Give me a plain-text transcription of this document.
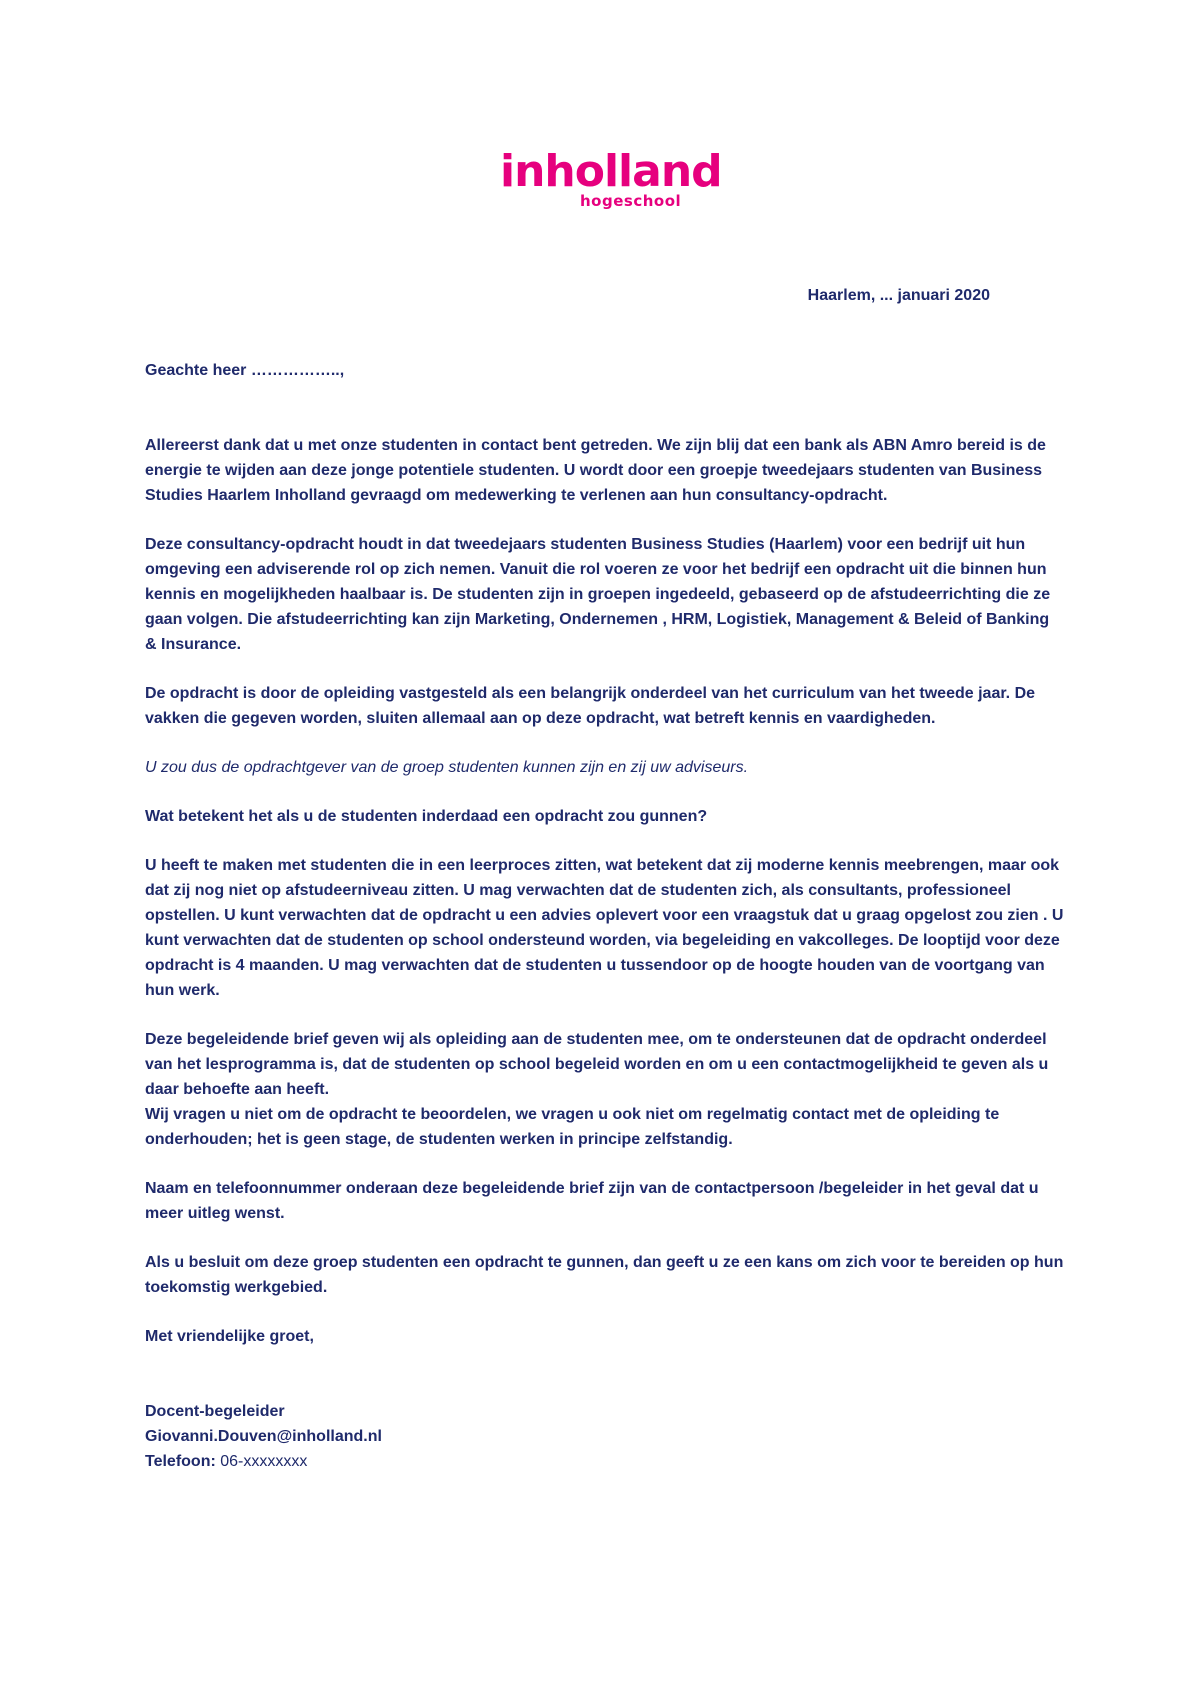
inholland
hogeschool
Haarlem, ... januari 2020

Geachte heer ……………..,

Allereerst dank dat u met onze studenten in contact bent getreden. We zijn blij dat een bank als ABN Amro bereid is de energie te wijden aan deze jonge potentiele studenten. U wordt door een groepje tweedejaars studenten van Business Studies Haarlem Inholland gevraagd om medewerking te verlenen aan hun consultancy-opdracht.

Deze consultancy-opdracht houdt in dat tweedejaars studenten Business Studies (Haarlem) voor een bedrijf uit hun omgeving een adviserende rol op zich nemen. Vanuit die rol voeren ze voor het bedrijf een opdracht uit die binnen hun kennis en mogelijkheden haalbaar is. De studenten zijn in groepen ingedeeld, gebaseerd op de afstudeerrichting die ze gaan volgen. Die afstudeerrichting kan zijn Marketing, Ondernemen , HRM, Logistiek, Management & Beleid of Banking & Insurance.

De opdracht is door de opleiding vastgesteld als een belangrijk onderdeel van het curriculum van het tweede jaar. De vakken die gegeven worden, sluiten allemaal aan op deze opdracht, wat betreft kennis en vaardigheden.

U zou dus de opdrachtgever van de groep studenten kunnen zijn en zij uw adviseurs.

Wat betekent het als u de studenten inderdaad een opdracht zou gunnen?

U heeft te maken met studenten die in een leerproces zitten, wat betekent dat zij moderne kennis meebrengen, maar ook dat zij nog niet op afstudeerniveau zitten. U mag verwachten dat de studenten zich, als consultants, professioneel opstellen. U kunt verwachten dat de opdracht u een advies oplevert voor een vraagstuk dat u graag opgelost zou zien . U kunt verwachten dat de studenten op school ondersteund worden, via begeleiding en vakcolleges. De looptijd voor deze opdracht is 4 maanden. U mag verwachten dat de studenten u tussendoor op de hoogte houden van de voortgang van hun werk.

Deze begeleidende brief geven wij als opleiding aan de studenten mee, om te ondersteunen dat de opdracht onderdeel van het lesprogramma is, dat de studenten op school begeleid worden en om u een contactmogelijkheid te geven als u daar behoefte aan heeft.

Wij vragen u niet om de opdracht te beoordelen, we vragen u ook niet om regelmatig contact met de opleiding te onderhouden; het is geen stage, de studenten werken in principe zelfstandig.

Naam en telefoonnummer onderaan deze begeleidende brief zijn van de contactpersoon /begeleider in het geval dat u meer uitleg wenst.

Als u besluit om deze groep studenten een opdracht te gunnen, dan geeft u ze een kans om zich voor te bereiden op hun toekomstig werkgebied.

Met vriendelijke groet,

Docent-begeleider
Giovanni.Douven@inholland.nl
Telefoon: 06-xxxxxxxx
